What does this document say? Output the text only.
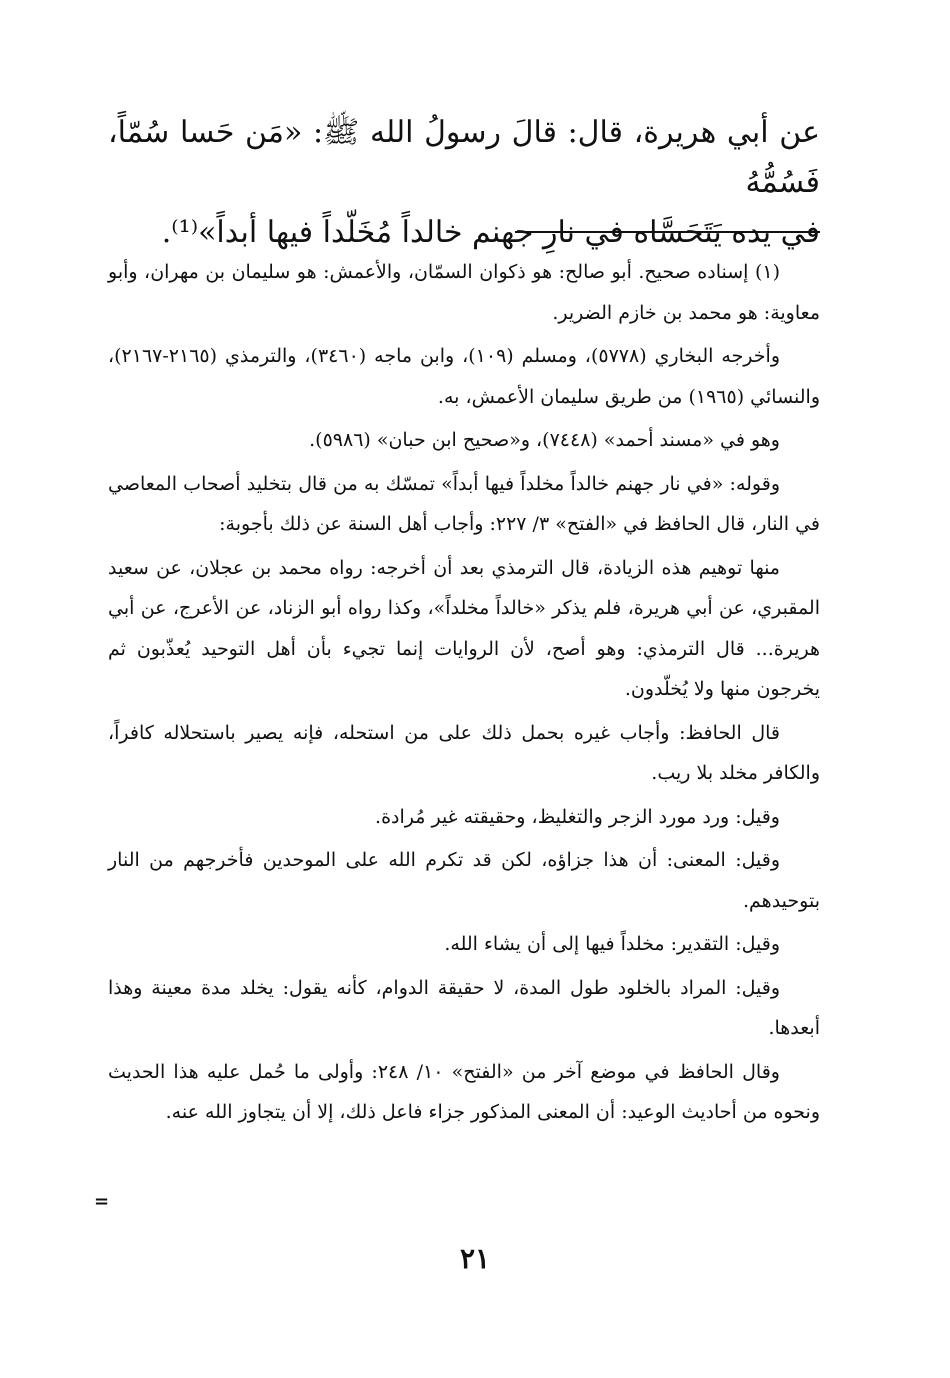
عن أبي هريرة، قال: قالَ رسولُ الله ﷺ: «مَن حَسا سُمّاً، فَسُمُّهُ

في يده يَتَحَسَّاه في نارِ جهنم خالداً مُخَلّداً فيها أبداً»⁽¹⁾.

(١) إسناده صحيح. أبو صالح: هو ذكوان السمّان، والأعمش: هو سليمان بن مهران، وأبو معاوية: هو محمد بن خازم الضرير.

وأخرجه البخاري (٥٧٧٨)، ومسلم (١٠٩)، وابن ماجه (٣٤٦٠)، والترمذي (٢١٦٥-٢١٦٧)، والنسائي (١٩٦٥) من طريق سليمان الأعمش، به.

وهو في «مسند أحمد» (٧٤٤٨)، و«صحيح ابن حبان» (٥٩٨٦).

وقوله: «في نار جهنم خالداً مخلداً فيها أبداً» تمسّك به من قال بتخليد أصحاب المعاصي في النار، قال الحافظ في «الفتح» ٣/ ٢٢٧: وأجاب أهل السنة عن ذلك بأجوبة:

منها توهيم هذه الزيادة، قال الترمذي بعد أن أخرجه: رواه محمد بن عجلان، عن سعيد المقبري، عن أبي هريرة، فلم يذكر «خالداً مخلداً»، وكذا رواه أبو الزناد، عن الأعرج، عن أبي هريرة... قال الترمذي: وهو أصح، لأن الروايات إنما تجيء بأن أهل التوحيد يُعذّبون ثم يخرجون منها ولا يُخلّدون.

قال الحافظ: وأجاب غيره بحمل ذلك على من استحله، فإنه يصير باستحلاله كافراً، والكافر مخلد بلا ريب.

وقيل: ورد مورد الزجر والتغليظ، وحقيقته غير مُرادة.

وقيل: المعنى: أن هذا جزاؤه، لكن قد تكرم الله على الموحدين فأخرجهم من النار بتوحيدهم.

وقيل: التقدير: مخلداً فيها إلى أن يشاء الله.

وقيل: المراد بالخلود طول المدة، لا حقيقة الدوام، كأنه يقول: يخلد مدة معينة وهذا أبعدها.

وقال الحافظ في موضع آخر من «الفتح» ١٠/ ٢٤٨: وأولى ما حُمل عليه هذا الحديث ونحوه من أحاديث الوعيد: أن المعنى المذكور جزاء فاعل ذلك، إلا أن يتجاوز الله عنه.

=
٢١
